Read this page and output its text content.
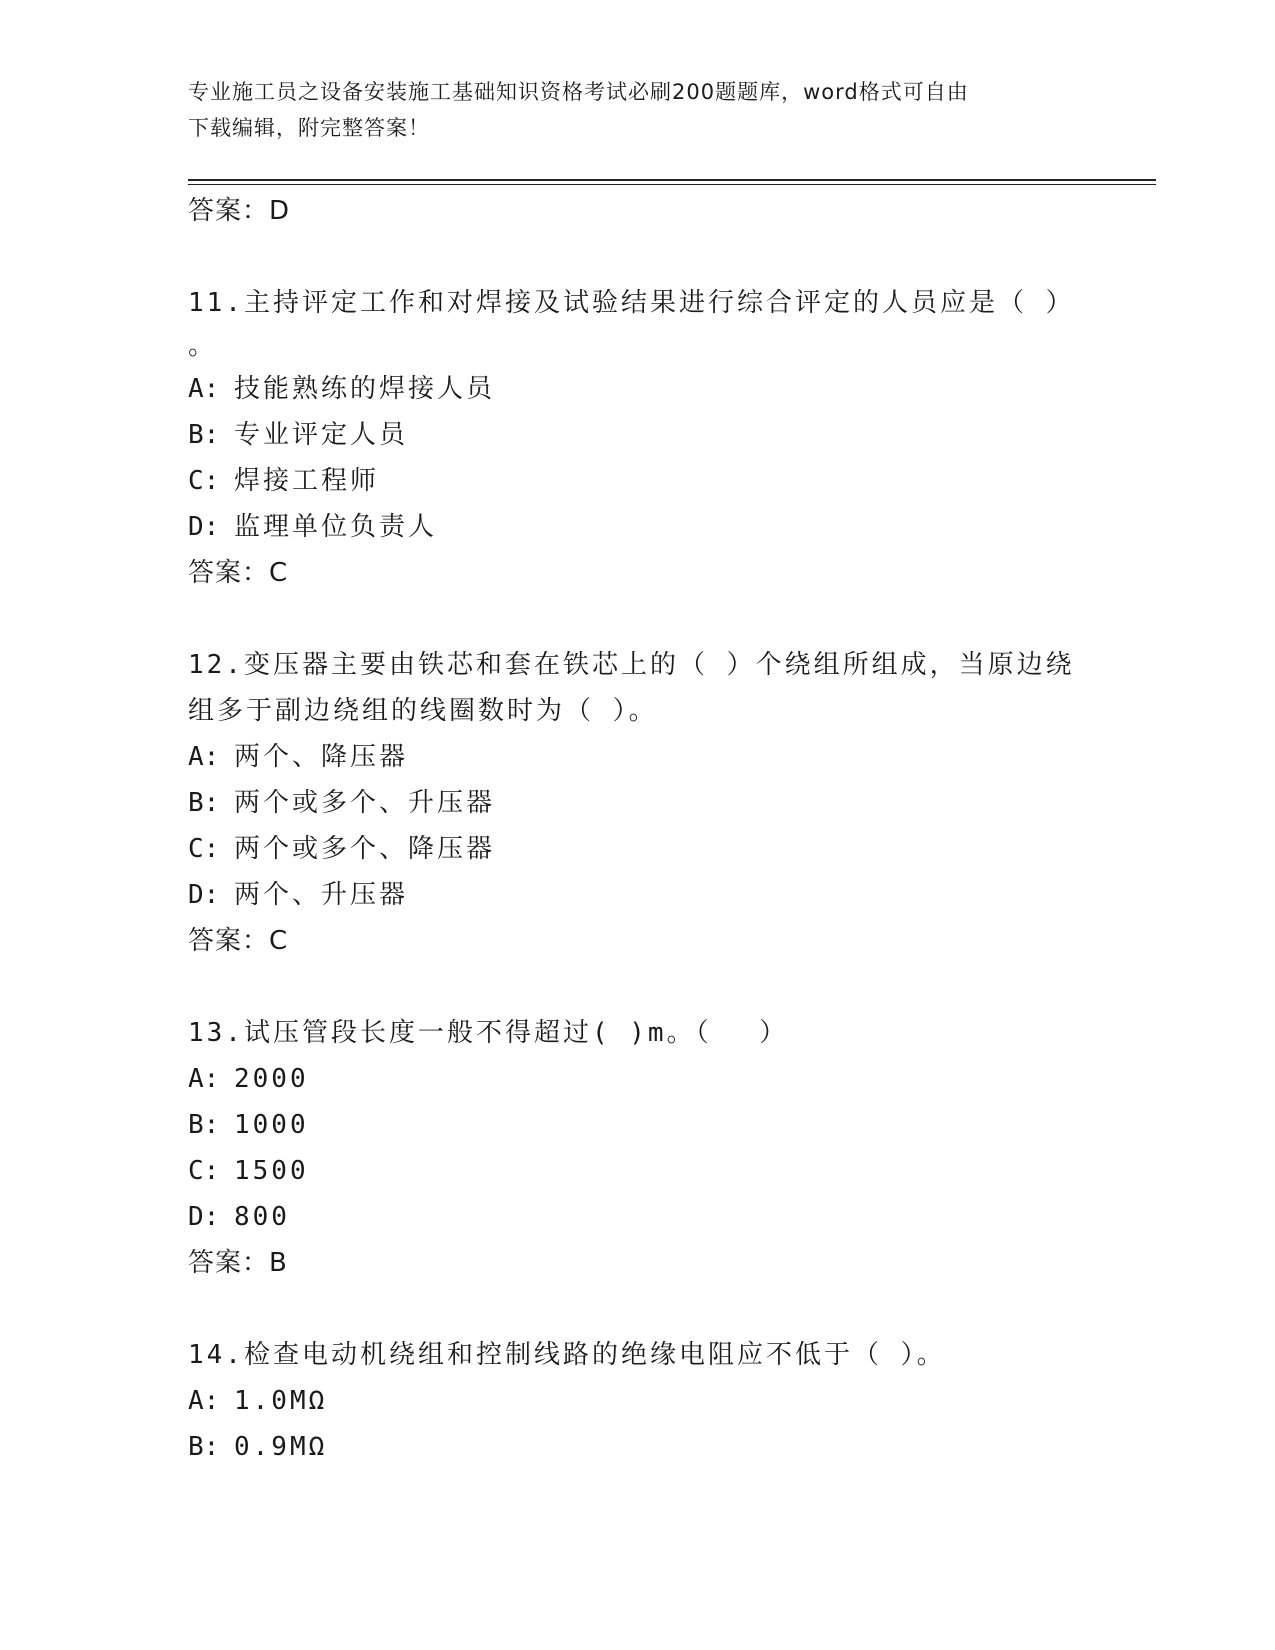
专业施工员之设备安装施工基础知识资格考试必刷200题题库，word格式可自由
下载编辑，附完整答案！
答案：D
11.主持评定工作和对焊接及试验结果进行综合评定的人员应是（ ）
。
A: 技能熟练的焊接人员
B: 专业评定人员
C: 焊接工程师
D: 监理单位负责人
答案：C
12.变压器主要由铁芯和套在铁芯上的（ ）个绕组所组成，当原边绕
组多于副边绕组的线圈数时为（ ）。
A: 两个、降压器
B: 两个或多个、升压器
C: 两个或多个、降压器
D: 两个、升压器
答案：C
13.试压管段长度一般不得超过( )m。（　 ）
A: 2000
B: 1000
C: 1500
D: 800
答案：B
14.检查电动机绕组和控制线路的绝缘电阻应不低于（ ）。
A: 1.0MΩ
B: 0.9MΩ
